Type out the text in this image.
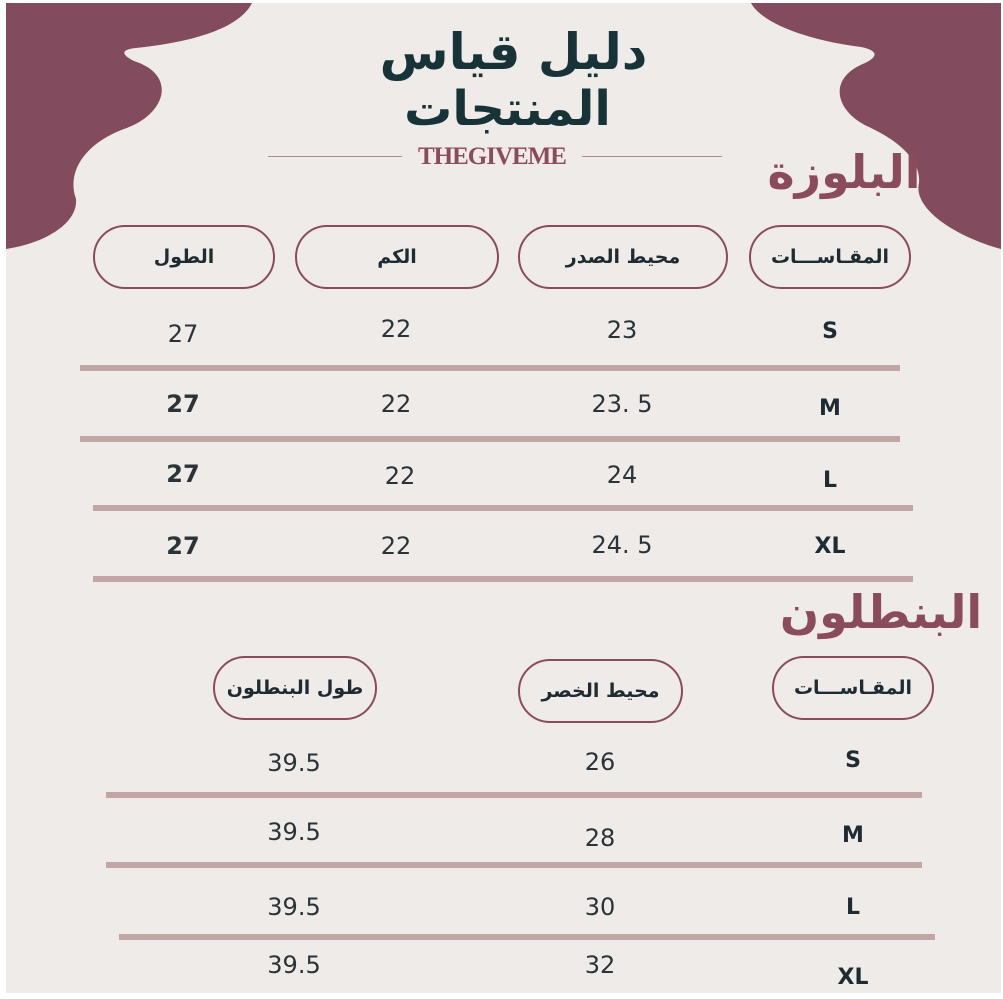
دليل قياس
المنتجات
THEGIVEME	البلوزة
المقـاســـات
محيط الصدر
الكم
الطول
S
23
22
27
M
23. 5
22
27
L
24
22
27
XL
24. 5
22
27
البنطلون
المقـاســـات
محيط الخصر
طول البنطلون
S
26
39.5
M
28
39.5
L
30
39.5
XL
32
39.5
